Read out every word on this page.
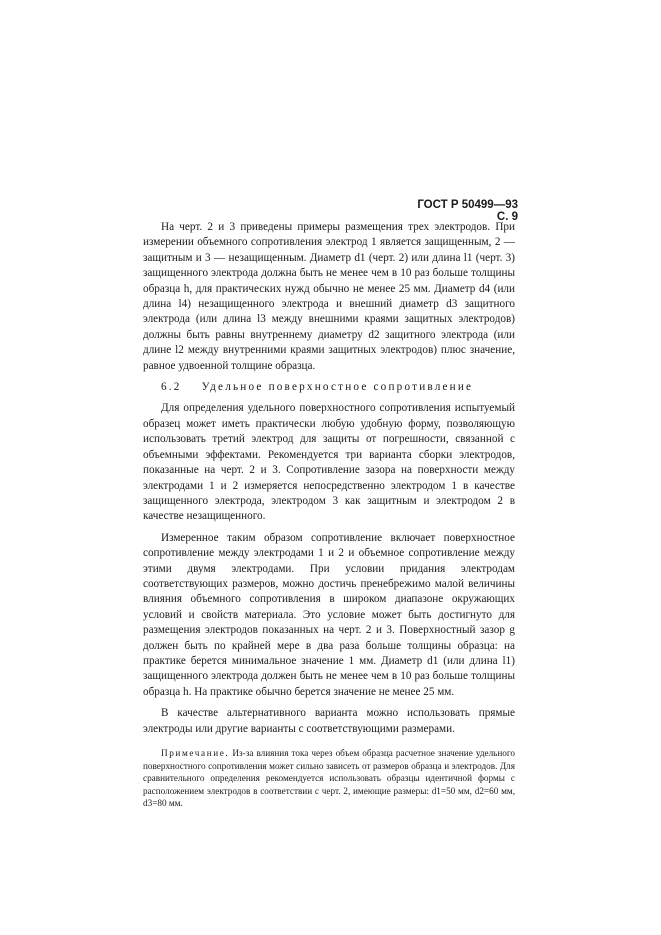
ГОСТ Р 50499—93 С. 9

На черт. 2 и 3 приведены примеры размещения трех электродов. При измерении объемного сопротивления электрод 1 является защищенным, 2 — защитным и 3 — незащищенным. Диаметр d1 (черт. 2) или длина l1 (черт. 3) защищенного электрода должна быть не менее чем в 10 раз больше толщины образца h, для практических нужд обычно не менее 25 мм. Диаметр d4 (или длина l4) незащищенного электрода и внешний диаметр d3 защитного электрода (или длина l3 между внешними краями защитных электродов) должны быть равны внутреннему диаметру d2 защитного электрода (или длине l2 между внутренними краями защитных электродов) плюс значение, равное удвоенной толщине образца.

6.2 Удельное поверхностное сопротивление

Для определения удельного поверхностного сопротивления испытуемый образец может иметь практически любую удобную форму, позволяющую использовать третий электрод для защиты от погрешности, связанной с объемными эффектами. Рекомендуется три варианта сборки электродов, показанные на черт. 2 и 3. Сопротивление зазора на поверхности между электродами 1 и 2 измеряется непосредственно электродом 1 в качестве защищенного электрода, электродом 3 как защитным и электродом 2 в качестве незащищенного.

Измеренное таким образом сопротивление включает поверхностное сопротивление между электродами 1 и 2 и объемное сопротивление между этими двумя электродами. При условии придания электродам соответствующих размеров, можно достичь пренебрежимо малой величины влияния объемного сопротивления в широком диапазоне окружающих условий и свойств материала. Это условие может быть достигнуто для размещения электродов показанных на черт. 2 и 3. Поверхностный зазор g должен быть по крайней мере в два раза больше толщины образца: на практике берется минимальное значение 1 мм. Диаметр d1 (или длина l1) защищенного электрода должен быть не менее чем в 10 раз больше толщины образца h. На практике обычно берется значение не менее 25 мм.

В качестве альтернативного варианта можно использовать прямые электроды или другие варианты с соответствующими размерами.

Примечание. Из-за влияния тока через объем образца расчетное значение удельного поверхностного сопротивления может сильно зависеть от размеров образца и электродов. Для сравнительного определения рекомендуется использовать образцы идентичной формы с расположением электродов в соответствии с черт. 2, имеющие размеры: d1=50 мм, d2=60 мм, d3=80 мм.
